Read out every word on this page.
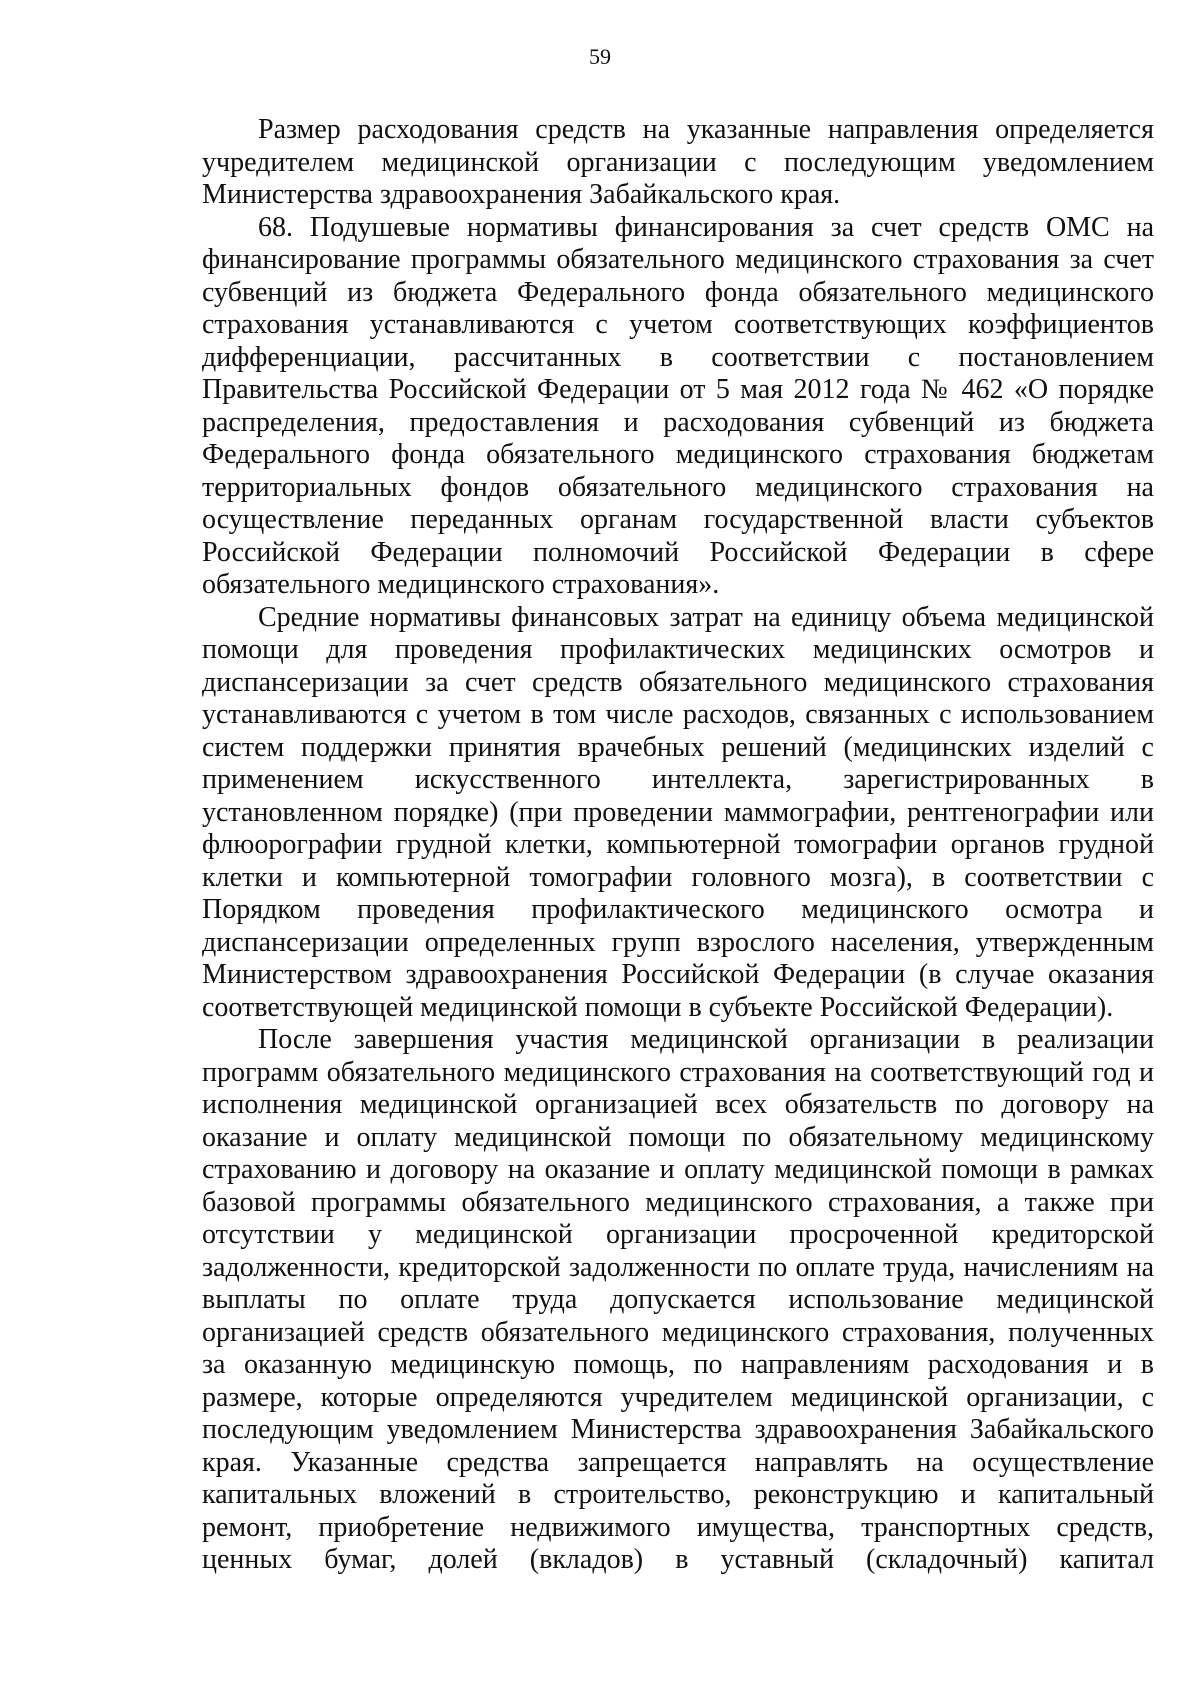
59

Размер расходования средств на указанные направления определяется учредителем медицинской организации с последующим уведомлением Министерства здравоохранения Забайкальского края.

68. Подушевые нормативы финансирования за счет средств ОМС на финансирование программы обязательного медицинского страхования за счет субвенций из бюджета Федерального фонда обязательного медицинского страхования устанавливаются с учетом соответствующих коэффициентов дифференциации, рассчитанных в соответствии с постановлением Правительства Российской Федерации от 5 мая 2012 года № 462 «О порядке распределения, предоставления и расходования субвенций из бюджета Федерального фонда обязательного медицинского страхования бюджетам территориальных фондов обязательного медицинского страхования на осуществление переданных органам государственной власти субъектов Российской Федерации полномочий Российской Федерации в сфере обязательного медицинского страхования».

Средние нормативы финансовых затрат на единицу объема медицинской помощи для проведения профилактических медицинских осмотров и диспансеризации за счет средств обязательного медицинского страхования устанавливаются с учетом в том числе расходов, связанных с использованием систем поддержки принятия врачебных решений (медицинских изделий с применением искусственного интеллекта, зарегистрированных в установленном порядке) (при проведении маммографии, рентгенографии или флюорографии грудной клетки, компьютерной томографии органов грудной клетки и компьютерной томографии головного мозга), в соответствии с Порядком проведения профилактического медицинского осмотра и диспансеризации определенных групп взрослого населения, утвержденным Министерством здравоохранения Российской Федерации (в случае оказания соответствующей медицинской помощи в субъекте Российской Федерации).

После завершения участия медицинской организации в реализации программ обязательного медицинского страхования на соответствующий год и исполнения медицинской организацией всех обязательств по договору на оказание и оплату медицинской помощи по обязательному медицинскому страхованию и договору на оказание и оплату медицинской помощи в рамках базовой программы обязательного медицинского страхования, а также при отсутствии у медицинской организации просроченной кредиторской задолженности, кредиторской задолженности по оплате труда, начислениям на выплаты по оплате труда допускается использование медицинской организацией средств обязательного медицинского страхования, полученных за оказанную медицинскую помощь, по направлениям расходования и в размере, которые определяются учредителем медицинской организации, с последующим уведомлением Министерства здравоохранения Забайкальского края. Указанные средства запрещается направлять на осуществление капитальных вложений в строительство, реконструкцию и капитальный ремонт, приобретение недвижимого имущества, транспортных средств, ценных бумаг, долей (вкладов) в уставный (складочный) капитал
